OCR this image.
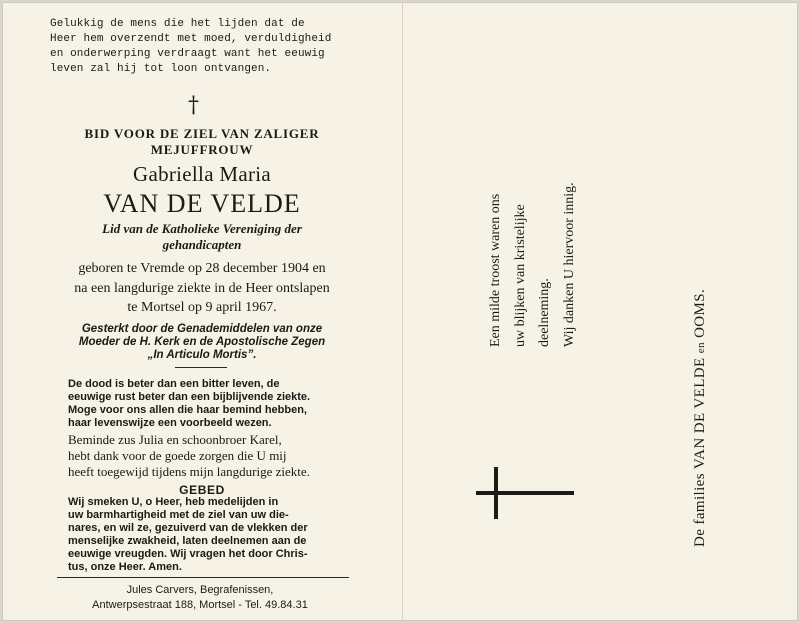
Gelukkig de mens die het lijden dat de
Heer hem overzendt met moed, verduldigheid
en onderwerping verdraagt want het eeuwig
leven zal hij tot loon ontvangen.
†
BID VOOR DE ZIEL VAN ZALIGER
MEJUFFROUW
Gabriella Maria
VAN DE VELDE
Lid van de Katholieke Vereniging der
gehandicapten
geboren te Vremde op 28 december 1904 en
na een langdurige ziekte in de Heer ontslapen
te Mortsel op 9 april 1967.
Gesterkt door de Genademiddelen van onze
Moeder de H. Kerk en de Apostolische Zegen
„In Articulo Mortis”.
De dood is beter dan een bitter leven, de
eeuwige rust beter dan een bijblijvende ziekte.
Moge voor ons allen die haar bemind hebben,
haar levenswijze een voorbeeld wezen.
Beminde zus Julia en schoonbroer Karel,
hebt dank voor de goede zorgen die U mij
heeft toegewijd tijdens mijn langdurige ziekte.
GEBED
Wij smeken U, o Heer, heb medelijden in
uw barmhartigheid met de ziel van uw die-
nares, en wil ze, gezuiverd van de vlekken der
menselijke zwakheid, laten deelnemen aan de
eeuwige vreugden. Wij vragen het door Chris-
tus, onze Heer. Amen.
Jules Carvers, Begrafenissen,
Antwerpsestraat 188, Mortsel - Tel. 49.84.31
Een milde troost waren ons uw blijken van kristelijke deelneming. Wij danken U hiervoor innig.
De families VAN DE VELDE en OOMS.
